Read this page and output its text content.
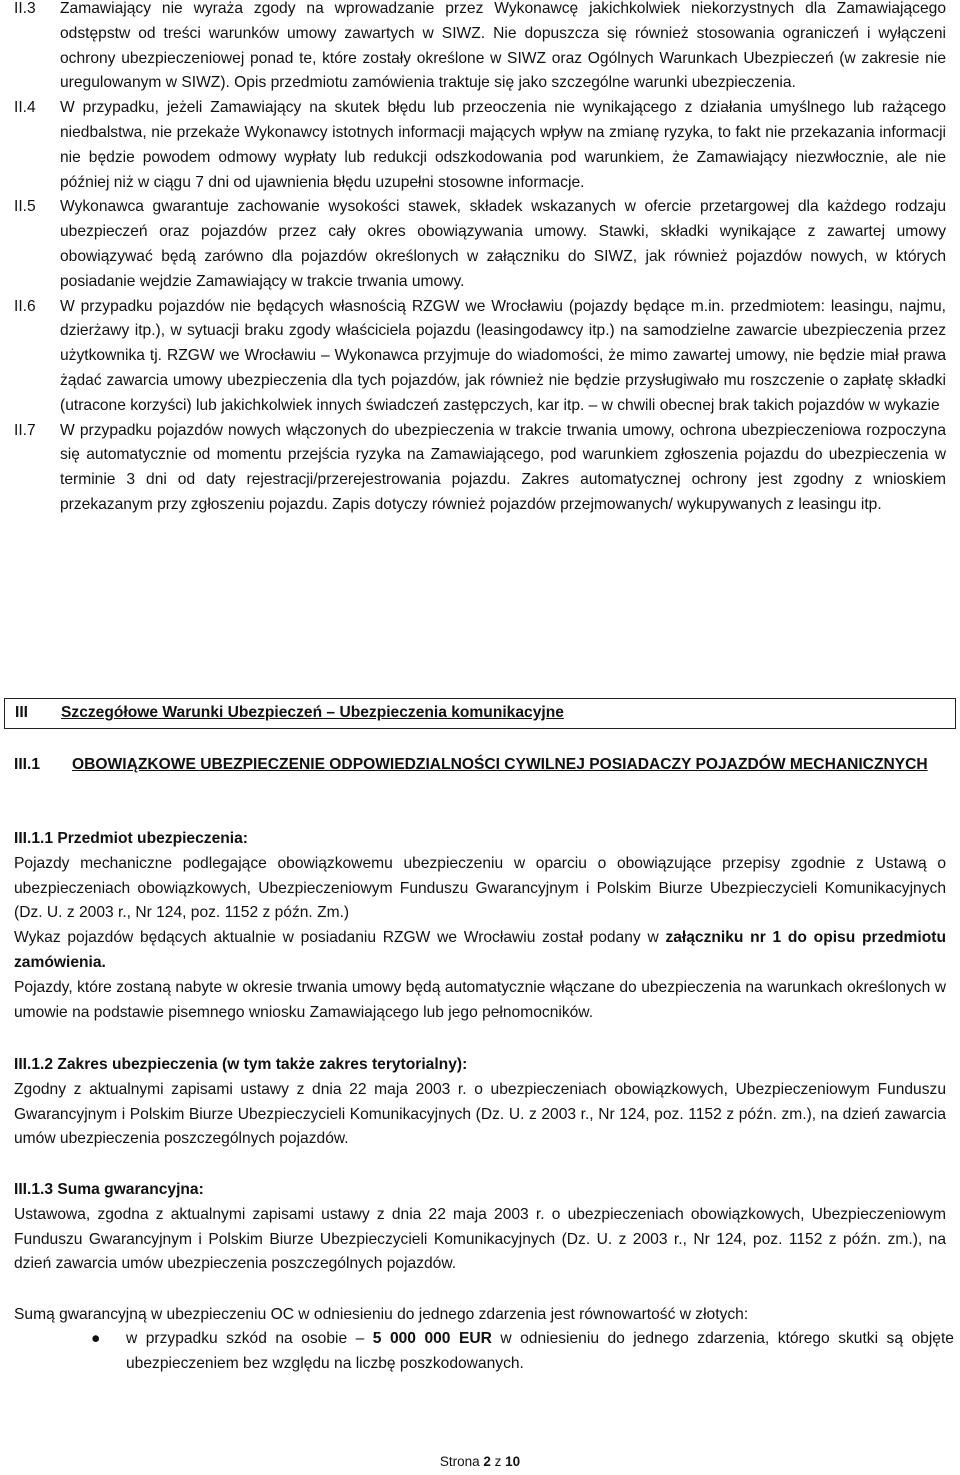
II.3	Zamawiający nie wyraża zgody na wprowadzanie przez Wykonawcę jakichkolwiek niekorzystnych dla Zamawiającego odstępstw od treści warunków umowy zawartych w SIWZ. Nie dopuszcza się również stosowania ograniczeń i wyłączeni ochrony ubezpieczeniowej ponad te, które zostały określone w SIWZ oraz Ogólnych Warunkach Ubezpieczeń (w zakresie nie uregulowanym w SIWZ). Opis przedmiotu zamówienia traktuje się jako szczególne warunki ubezpieczenia.
II.4	W przypadku, jeżeli Zamawiający na skutek błędu lub przeoczenia nie wynikającego z działania umyślnego lub rażącego niedbalstwa, nie przekaże Wykonawcy istotnych informacji mających wpływ na zmianę ryzyka, to fakt nie przekazania informacji nie będzie powodem odmowy wypłaty lub redukcji odszkodowania pod warunkiem, że Zamawiający niezwłocznie, ale nie później niż w ciągu 7 dni od ujawnienia błędu uzupełni stosowne informacje.
II.5	Wykonawca gwarantuje zachowanie wysokości stawek, składek wskazanych w ofercie przetargowej dla każdego rodzaju ubezpieczeń oraz pojazdów przez cały okres obowiązywania umowy. Stawki, składki wynikające z zawartej umowy obowiązywać będą zarówno dla pojazdów określonych w załączniku do SIWZ, jak również pojazdów nowych, w których posiadanie wejdzie Zamawiający w trakcie trwania umowy.
II.6	W przypadku pojazdów nie będących własnością RZGW we Wrocławiu (pojazdy będące m.in. przedmiotem: leasingu, najmu, dzierżawy itp.), w sytuacji braku zgody właściciela pojazdu (leasingodawcy itp.) na samodzielne zawarcie ubezpieczenia przez użytkownika tj. RZGW we Wrocławiu – Wykonawca przyjmuje do wiadomości, że mimo zawartej umowy, nie będzie miał prawa żądać zawarcia umowy ubezpieczenia dla tych pojazdów, jak również nie będzie przysługiwało mu roszczenie o zapłatę składki (utracone korzyści) lub jakichkolwiek innych świadczeń zastępczych, kar itp. – w chwili obecnej brak takich pojazdów w wykazie
II.7	W przypadku pojazdów nowych włączonych do ubezpieczenia w trakcie trwania umowy, ochrona ubezpieczeniowa rozpoczyna się automatycznie od momentu przejścia ryzyka na Zamawiającego, pod warunkiem zgłoszenia pojazdu do ubezpieczenia w terminie 3 dni od daty rejestracji/przerejestrowania pojazdu. Zakres automatycznej ochrony jest zgodny z wnioskiem przekazanym przy zgłoszeniu pojazdu. Zapis dotyczy również pojazdów przejmowanych/ wykupywanych z leasingu itp.
III	Szczegółowe Warunki Ubezpieczeń – Ubezpieczenia komunikacyjne
III.1	OBOWIĄZKOWE UBEZPIECZENIE ODPOWIEDZIALNOŚCI CYWILNEJ POSIADACZY POJAZDÓW MECHANICZNYCH
III.1.1 Przedmiot ubezpieczenia:
Pojazdy mechaniczne podlegające obowiązkowemu ubezpieczeniu w oparciu o obowiązujące przepisy zgodnie z Ustawą o ubezpieczeniach obowiązkowych, Ubezpieczeniowym Funduszu Gwarancyjnym i Polskim Biurze Ubezpieczycieli Komunikacyjnych (Dz. U. z 2003 r., Nr 124, poz. 1152 z późn. Zm.)
Wykaz pojazdów będących aktualnie w posiadaniu RZGW we Wrocławiu został podany w załączniku nr 1 do opisu przedmiotu zamówienia.
Pojazdy, które zostaną nabyte w okresie trwania umowy będą automatycznie włączane do ubezpieczenia na warunkach określonych w umowie na podstawie pisemnego wniosku Zamawiającego lub jego pełnomocników.
III.1.2 Zakres ubezpieczenia (w tym także zakres terytorialny):
Zgodny z aktualnymi zapisami ustawy z dnia 22 maja 2003 r. o ubezpieczeniach obowiązkowych, Ubezpieczeniowym Funduszu Gwarancyjnym i Polskim Biurze Ubezpieczycieli Komunikacyjnych (Dz. U. z 2003 r., Nr 124, poz. 1152 z późn. zm.), na dzień zawarcia umów ubezpieczenia poszczególnych pojazdów.
III.1.3 Suma gwarancyjna:
Ustawowa, zgodna z aktualnymi zapisami ustawy z dnia 22 maja 2003 r. o ubezpieczeniach obowiązkowych, Ubezpieczeniowym Funduszu Gwarancyjnym i Polskim Biurze Ubezpieczycieli Komunikacyjnych (Dz. U. z 2003 r., Nr 124, poz. 1152 z późn. zm.), na dzień zawarcia umów ubezpieczenia poszczególnych pojazdów.
Sumą gwarancyjną w ubezpieczeniu OC w odniesieniu do jednego zdarzenia jest równowartość w złotych:
● w przypadku szkód na osobie – 5 000 000 EUR w odniesieniu do jednego zdarzenia, którego skutki są objęte ubezpieczeniem bez względu na liczbę poszkodowanych.
Strona 2 z 10
